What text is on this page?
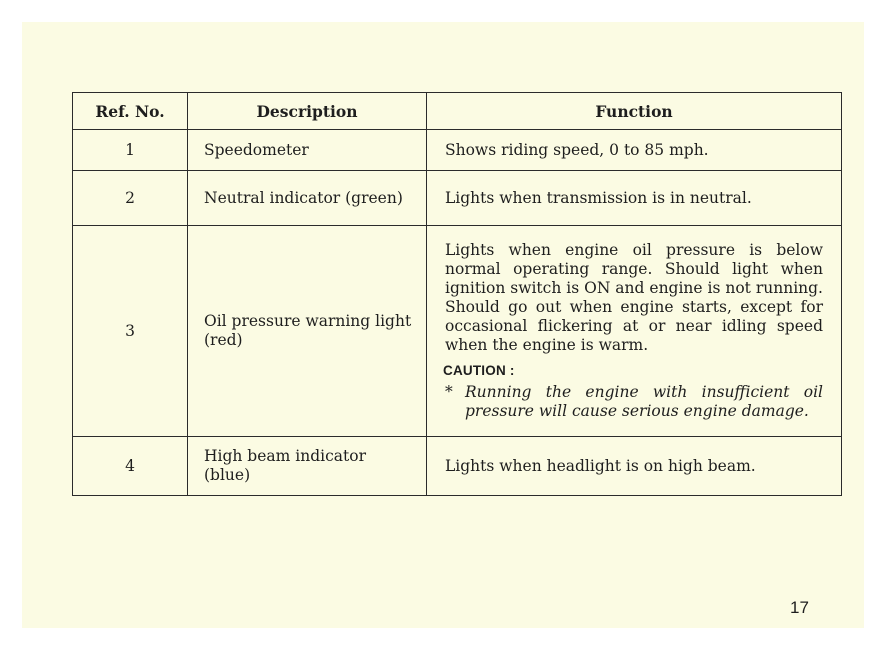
Ref. No.	Description	Function
1	Speedometer	Shows riding speed, 0 to 85 mph.
2	Neutral indicator (green)	Lights when transmission is in neutral.
3	Oil pressure warning light (red)	Lights when engine oil pressure is below normal operating range. Should light when ignition switch is ON and engine is not running. Should go out when engine starts, except for occasional flickering at or near idling speed when the engine is warm.

CAUTION :

* Running the engine with insufficient oil pressure will cause serious engine damage.

4	High beam indicator (blue)	Lights when headlight is on high beam.
17
